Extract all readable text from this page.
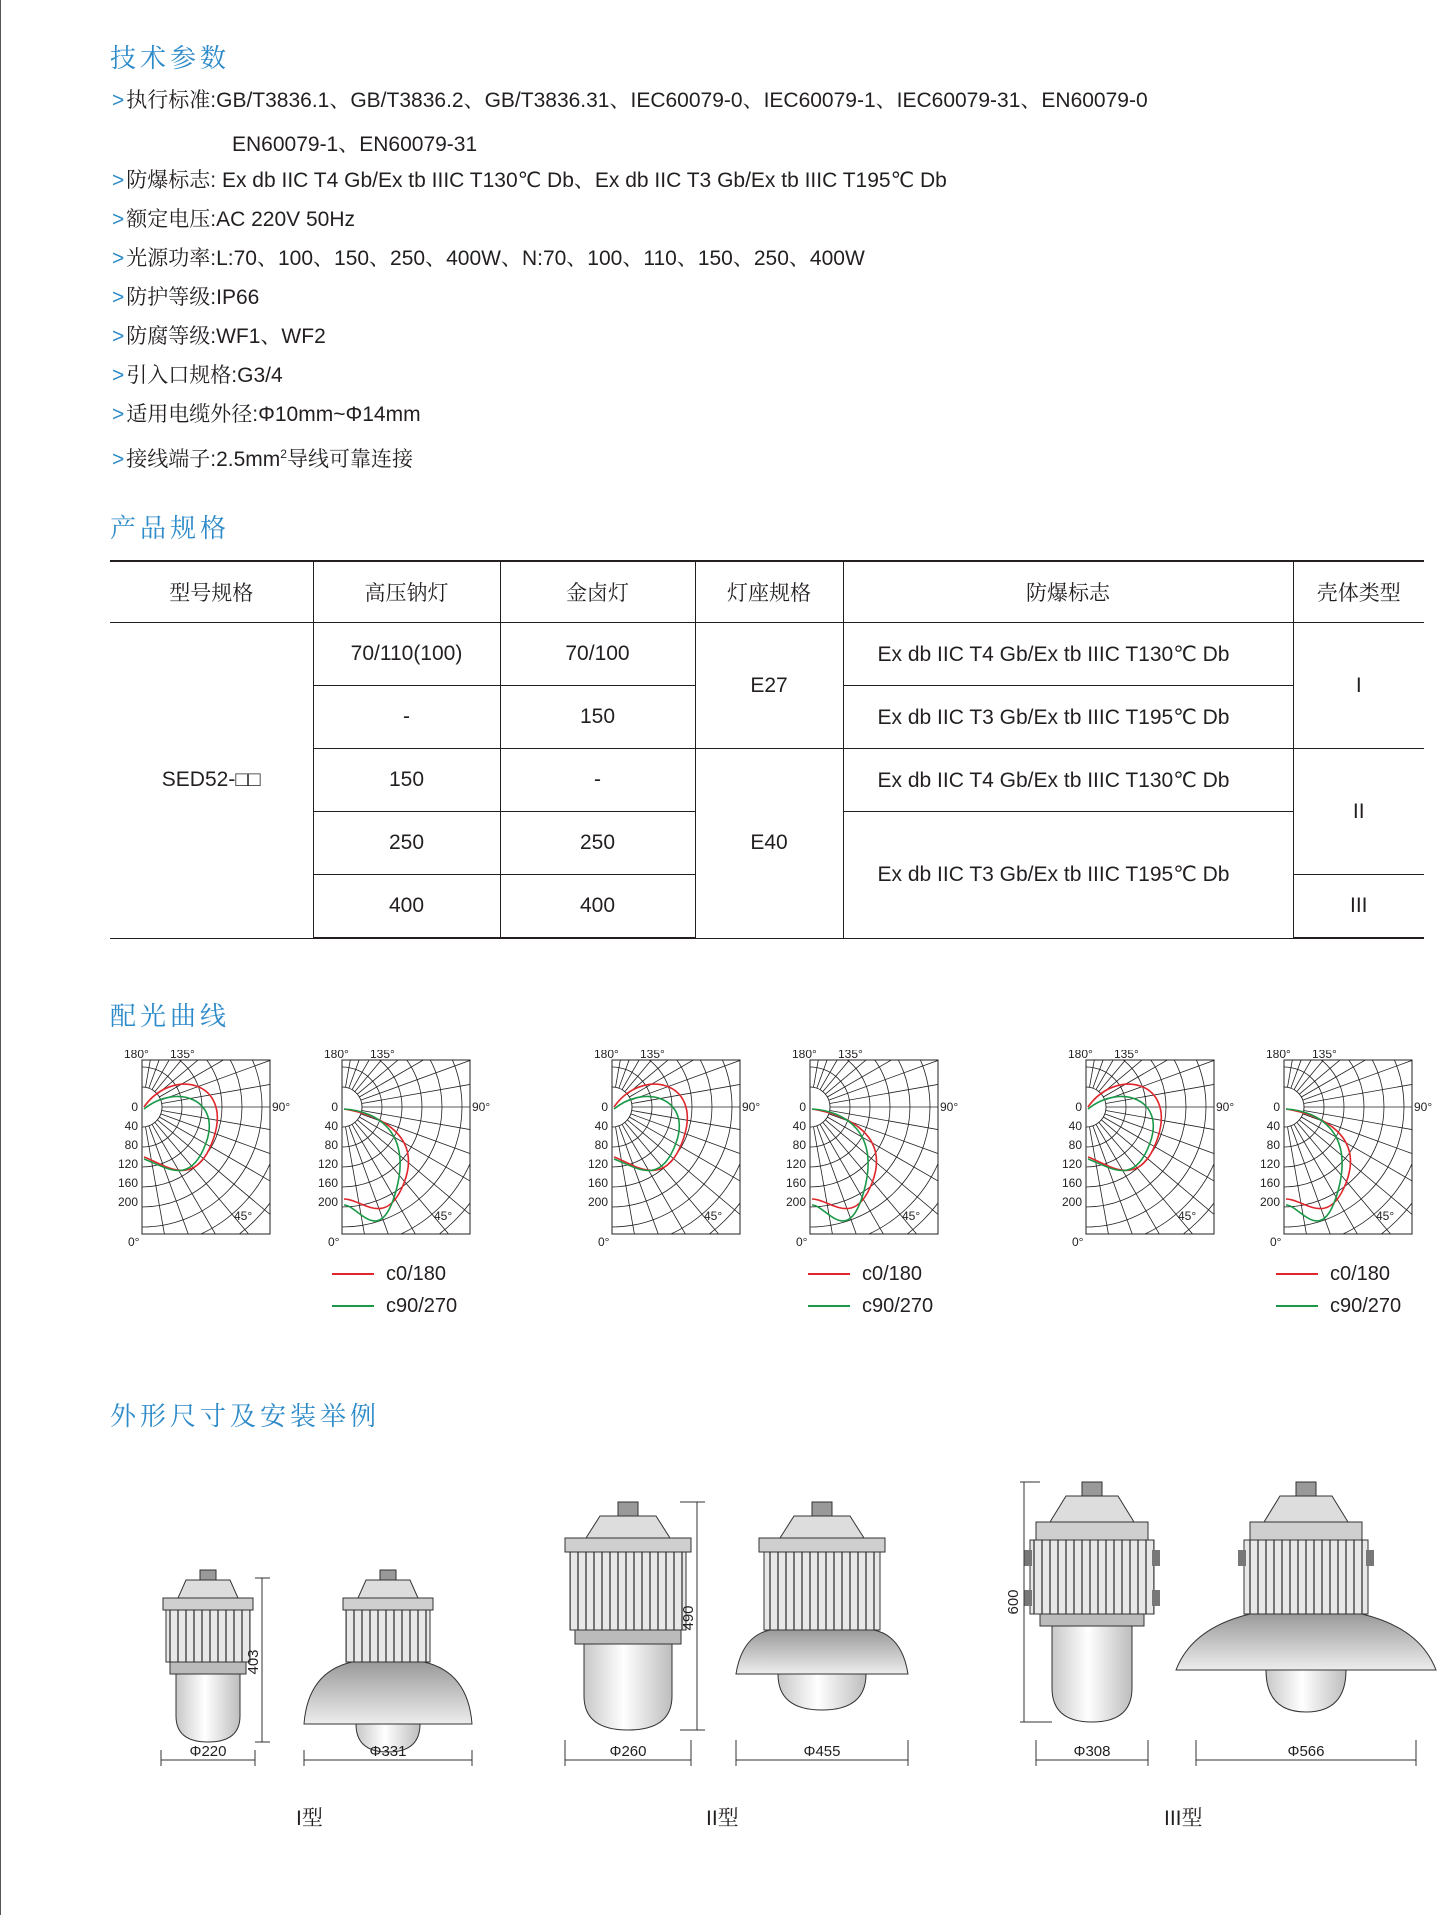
技术参数
>执行标准:GB/T3836.1、GB/T3836.2、GB/T3836.31、IEC60079-0、IEC60079-1、IEC60079-31、EN60079-0
EN60079-1、EN60079-31
>防爆标志: Ex db IIC T4 Gb/Ex tb IIIC T130℃ Db、Ex db IIC T3 Gb/Ex tb IIIC T195℃ Db
>额定电压:AC 220V 50Hz
>光源功率:L:70、100、150、250、400W、N:70、100、110、150、250、400W
>防护等级:IP66
>防腐等级:WF1、WF2
>引入口规格:G3/4
>适用电缆外径:Φ10mm~Φ14mm
>接线端子$:2.5mm^2$导线可靠连接
产品规格
型号规格	高压钠灯	金卤灯	灯座规格	防爆标志	壳体类型
SED52-□□	70/110(100)	70/100	E27	Ex db IIC T4 Gb/Ex tb IIIC T130℃ Db	I
	-	150		Ex db IIC T3 Gb/Ex tb IIIC T195℃ Db	
	150	-	E40	Ex db IIC T4 Gb/Ex tb IIIC T130℃ Db	II
	250	250		Ex db IIC T3 Gb/Ex tb IIIC T195℃ Db	
	400	400			III
配光曲线
180° 135°
90°
45°
0°
0
40
80
120
160
200
180° 135°
90°
45°
0°
0
40
80
120
160
200
180° 135°
90°
45°
0°
0
40
80
120
160
200
180° 135°
90°
45°
0°
0
40
80
120
160
200
180° 135°
90°
45°
0°
0
40
80
120
160
200
180° 135°
90°
45°
0°
0
40
80
120
160
200
c0/180
c90/270
c0/180
c90/270
c0/180
c90/270
外形尺寸及安装举例
Φ220	Φ331
403
Φ260	Φ455
490
Φ308	Φ566
600
I型	II型	III型
